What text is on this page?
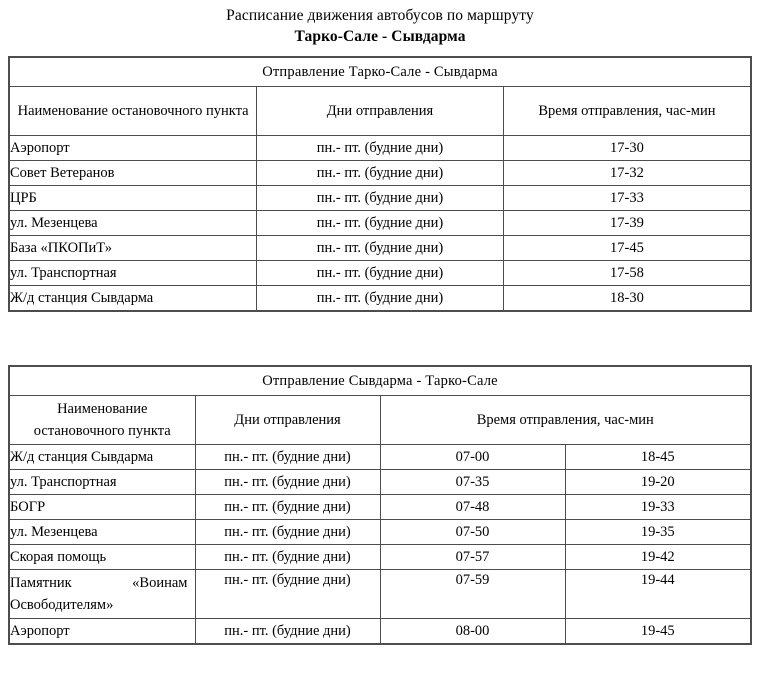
Расписание движения автобусов по маршруту
Тарко-Сале - Сывдарма
Отправление Тарко-Сале - Сывдарма		
Наименование остановочного пункта	Дни отправления	Время отправления, час-мин
Аэропорт	пн.- пт. (будние дни)	17-30
Совет Ветеранов	пн.- пт. (будние дни)	17-32
ЦРБ	пн.- пт. (будние дни)	17-33
ул. Мезенцева	пн.- пт. (будние дни)	17-39
База «ПКОПиТ»	пн.- пт. (будние дни)	17-45
ул. Транспортная	пн.- пт. (будние дни)	17-58
Ж/д станция Сывдарма	пн.- пт. (будние дни)	18-30
Отправление Сывдарма - Тарко-Сале			
Наименование остановочного пункта	Дни отправления	Время отправления, час-мин	
Ж/д станция Сывдарма	пн.- пт. (будние дни)	07-00	18-45
ул. Транспортная	пн.- пт. (будние дни)	07-35	19-20
БОГР	пн.- пт. (будние дни)	07-48	19-33
ул. Мезенцева	пн.- пт. (будние дни)	07-50	19-35
Скорая помощь	пн.- пт. (будние дни)	07-57	19-42
Памятник «Воинам Освободителям»	пн.- пт. (будние дни)	07-59	19-44
Аэропорт	пн.- пт. (будние дни)	08-00	19-45
